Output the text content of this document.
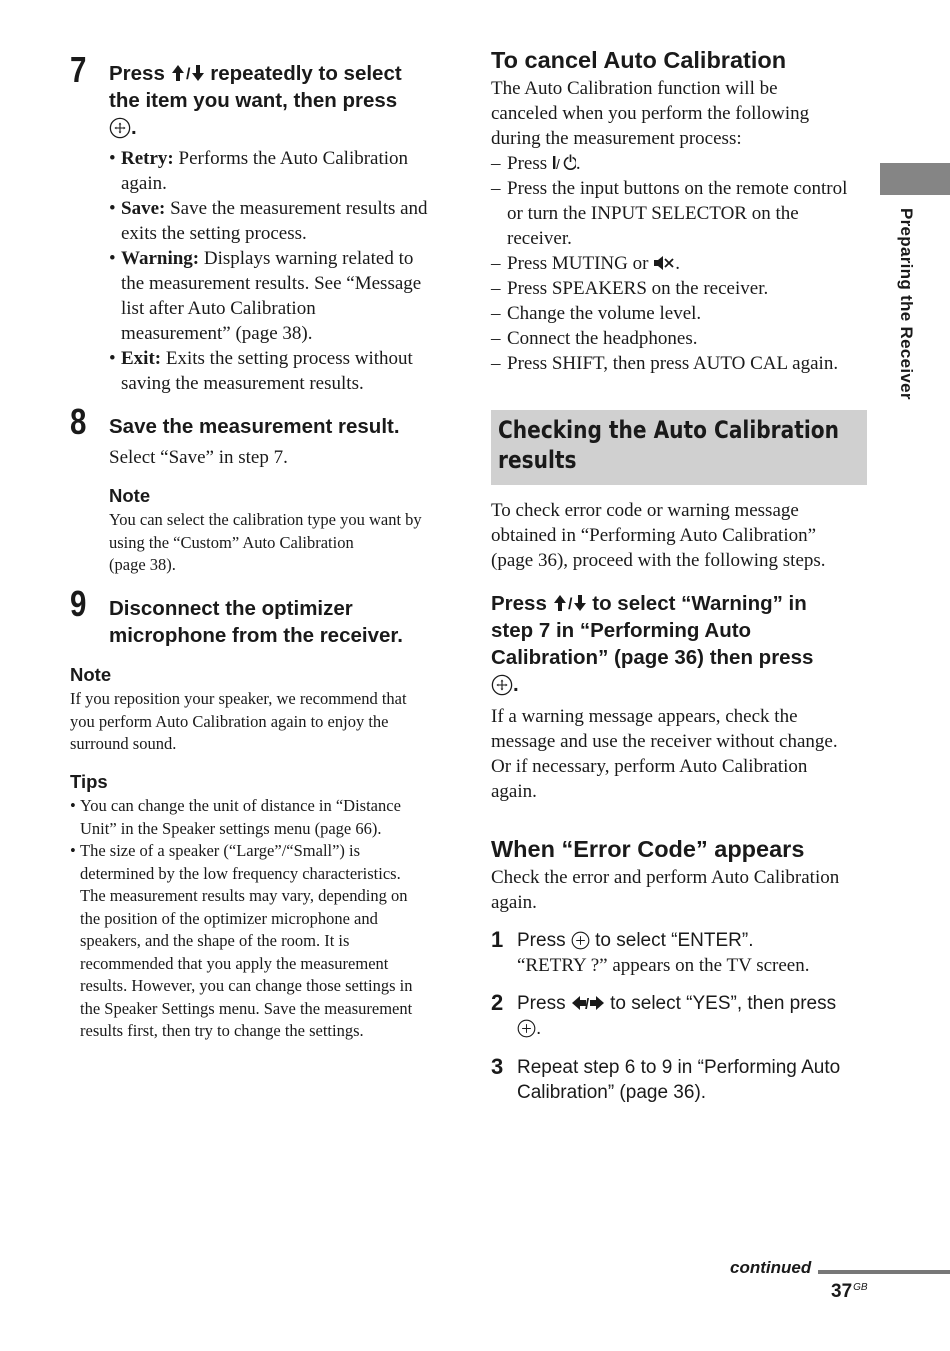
7 Press / repeatedly to select
the item you want, then press
.
• Retry: Performs the Auto Calibration
again.
• Save: Save the measurement results and
exits the setting process.
• Warning: Displays warning related to
the measurement results. See “Message
list after Auto Calibration
measurement” (page 38).
• Exit: Exits the setting process without
saving the measurement results.
8 Save the measurement result.
Select “Save” in step 7.
Note
You can select the calibration type you want by
using the “Custom” Auto Calibration
(page 38).
9 Disconnect the optimizer
microphone from the receiver.
Note
If you reposition your speaker, we recommend that
you perform Auto Calibration again to enjoy the
surround sound.
Tips
• You can change the unit of distance in “Distance
Unit” in the Speaker settings menu (page 66).
• The size of a speaker (“Large”/“Small”) is
determined by the low frequency characteristics.
The measurement results may vary, depending on
the position of the optimizer microphone and
speakers, and the shape of the room. It is
recommended that you apply the measurement
results. However, you can change those settings in
the Speaker Settings menu. Save the measurement
results first, then try to change the settings.
To cancel Auto Calibration
The Auto Calibration function will be
canceled when you perform the following
during the measurement process:
– Press / .
– Press the input buttons on the remote control
or turn the INPUT SELECTOR on the
receiver.
– Press MUTING or .
– Press SPEAKERS on the receiver.
– Change the volume level.
– Connect the headphones.
– Press SHIFT, then press AUTO CAL again.
Checking the Auto Calibration
results
To check error code or warning message
obtained in “Performing Auto Calibration”
(page 36), proceed with the following steps.
Press / to select “Warning” in
step 7 in “Performing Auto
Calibration” (page 36) then press
.
If a warning message appears, check the
message and use the receiver without change.
Or if necessary, perform Auto Calibration
again.
When “Error Code” appears
Check the error and perform Auto Calibration
again.
1 Press to select “ENTER”.
“RETRY ?” appears on the TV screen.
2 Press / to select “YES”, then press
.
3 Repeat step 6 to 9 in “Performing Auto
Calibration” (page 36).
Preparing the Receiver
continued
$37^{GB}$
